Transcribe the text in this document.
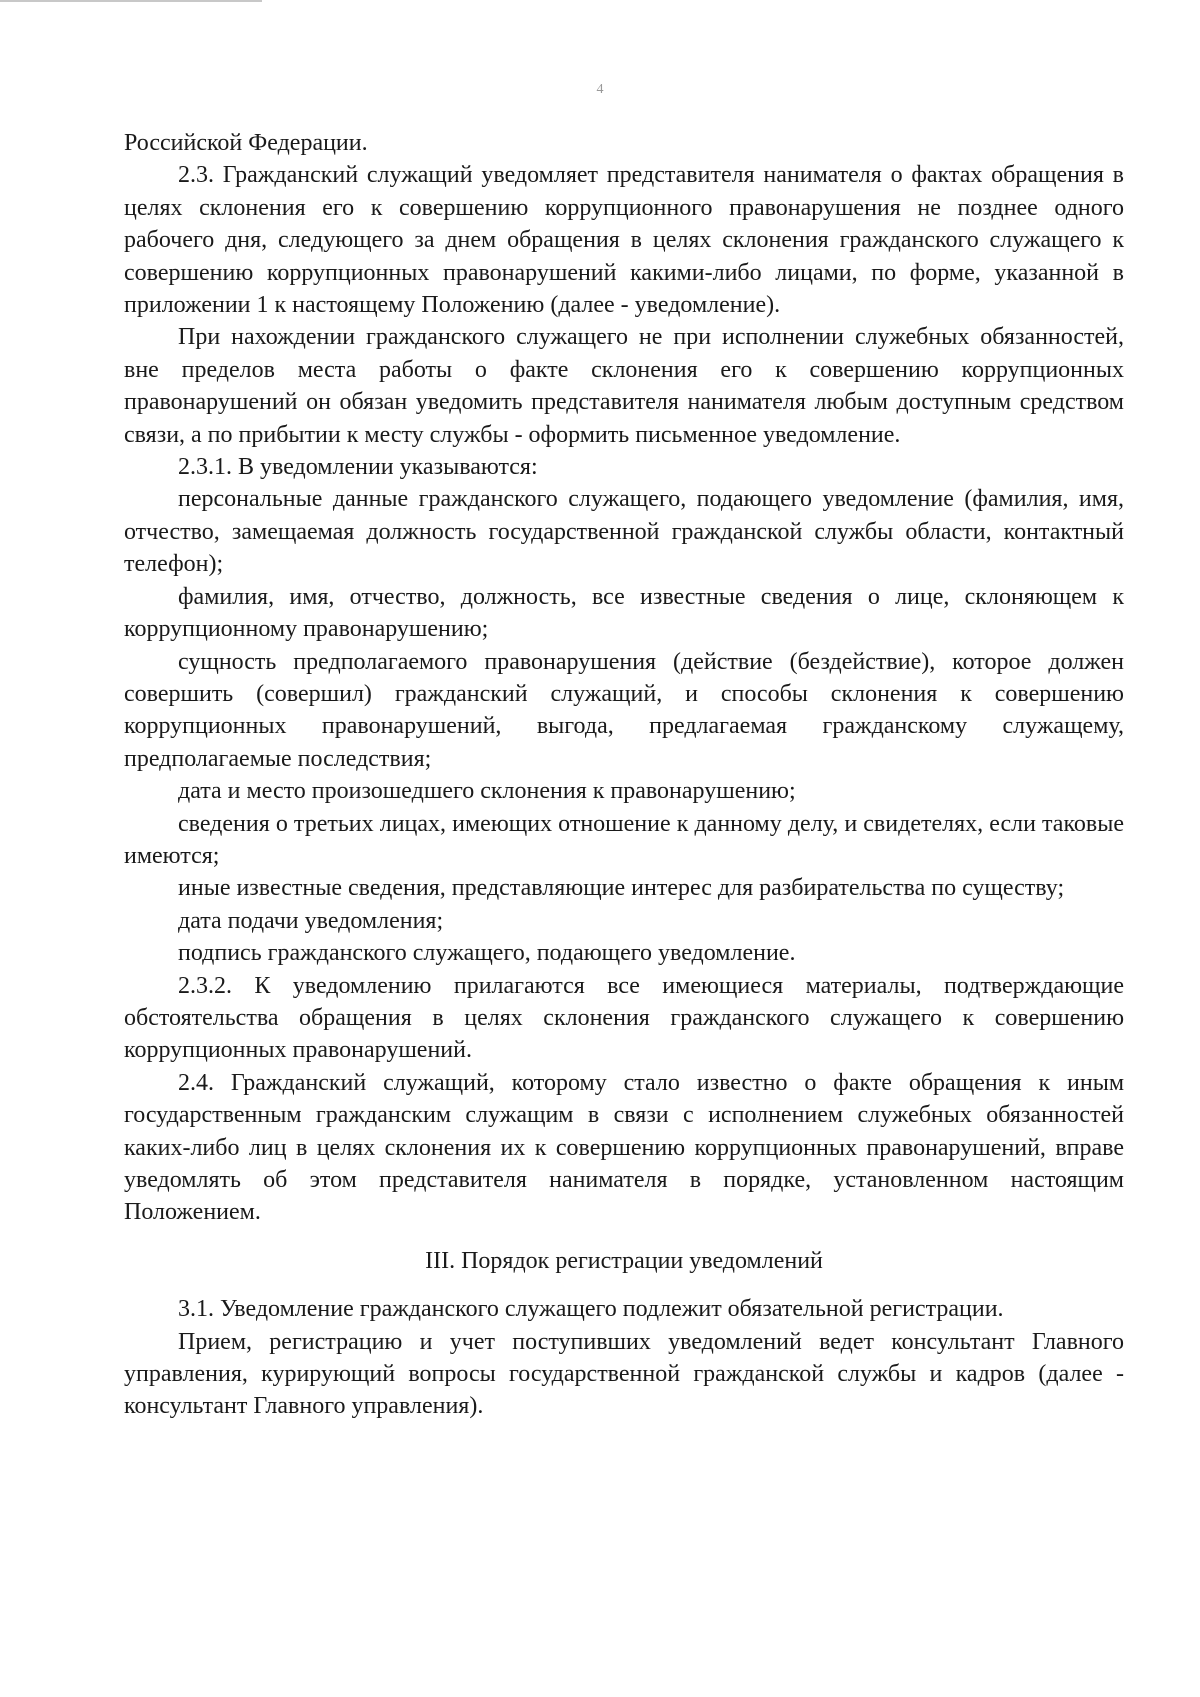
4

Российской Федерации.

2.3. Гражданский служащий уведомляет представителя нанимателя о фактах обращения в целях склонения его к совершению коррупционного правонарушения не позднее одного рабочего дня, следующего за днем обращения в целях склонения гражданского служащего к совершению коррупционных правонарушений какими-либо лицами, по форме, указанной в приложении 1 к настоящему Положению (далее - уведомление).

При нахождении гражданского служащего не при исполнении служебных обязанностей, вне пределов места работы о факте склонения его к совершению коррупционных правонарушений он обязан уведомить представителя нанимателя любым доступным средством связи, а по прибытии к месту службы - оформить письменное уведомление.

2.3.1. В уведомлении указываются:

персональные данные гражданского служащего, подающего уведомление (фамилия, имя, отчество, замещаемая должность государственной гражданской службы области, контактный телефон);

фамилия, имя, отчество, должность, все известные сведения о лице, склоняющем к коррупционному правонарушению;

сущность предполагаемого правонарушения (действие (бездействие), которое должен совершить (совершил) гражданский служащий, и способы склонения к совершению коррупционных правонарушений, выгода, предлагаемая гражданскому служащему, предполагаемые последствия;

дата и место произошедшего склонения к правонарушению;

сведения о третьих лицах, имеющих отношение к данному делу, и свидетелях, если таковые имеются;

иные известные сведения, представляющие интерес для разбирательства по существу;

дата подачи уведомления;

подпись гражданского служащего, подающего уведомление.

2.3.2. К уведомлению прилагаются все имеющиеся материалы, подтверждающие обстоятельства обращения в целях склонения гражданского служащего к совершению коррупционных правонарушений.

2.4. Гражданский служащий, которому стало известно о факте обращения к иным государственным гражданским служащим в связи с исполнением служебных обязанностей каких-либо лиц в целях склонения их к совершению коррупционных правонарушений, вправе уведомлять об этом представителя нанимателя в порядке, установленном настоящим Положением.

III. Порядок регистрации уведомлений

3.1. Уведомление гражданского служащего подлежит обязательной регистрации.

Прием, регистрацию и учет поступивших уведомлений ведет консультант Главного управления, курирующий вопросы государственной гражданской службы и кадров (далее - консультант Главного управления).
